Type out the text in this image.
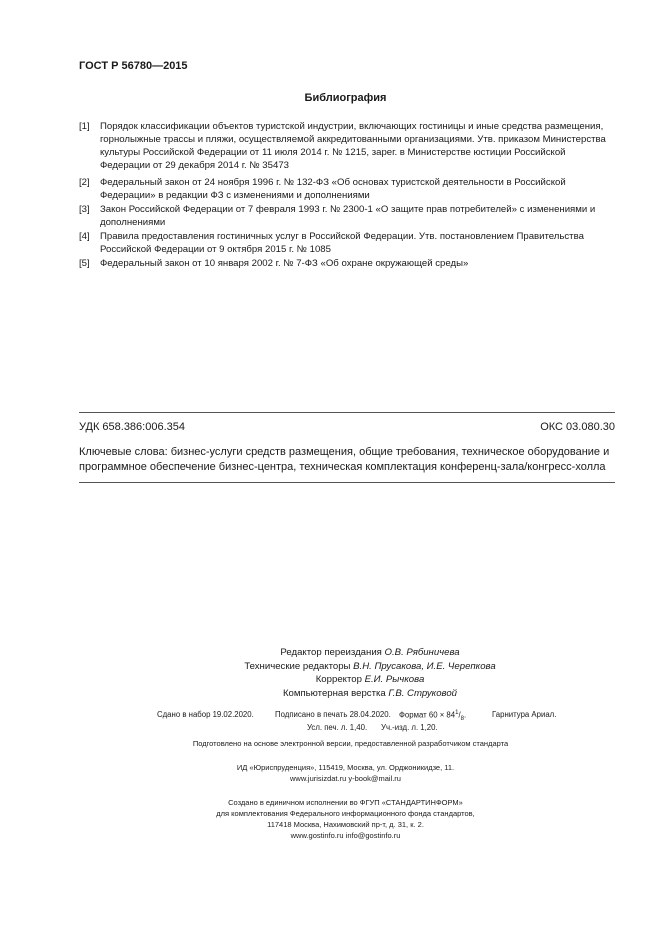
ГОСТ Р 56780—2015
Библиография
[1]	Порядок классификации объектов туристской индустрии, включающих гостиницы и иные средства размещения, горнолыжные трассы и пляжи, осуществляемой аккредитованными организациями. Утв. приказом Министерства культуры Российской Федерации от 11 июля 2014 г. № 1215, зарег. в Министерстве юстиции Российской Федерации от 29 декабря 2014 г. № 35473
[2]	Федеральный закон от 24 ноября 1996 г. № 132-ФЗ «Об основах туристской деятельности в Российской Федерации» в редакции ФЗ с изменениями и дополнениями
[3]	Закон Российской Федерации от 7 февраля 1993 г. № 2300-1 «О защите прав потребителей» с изменениями и дополнениями
[4]	Правила предоставления гостиничных услуг в Российской Федерации. Утв. постановлением Правительства Российской Федерации от 9 октября 2015 г. № 1085
[5]	Федеральный закон от 10 января 2002 г. № 7-ФЗ «Об охране окружающей среды»
УДК 658.386:006.354	ОКС 03.080.30
Ключевые слова: бизнес-услуги средств размещения, общие требования, техническое оборудование и программное обеспечение бизнес-центра, техническая комплектация конференц-зала/конгресс-холла
Редактор переиздания О.В. Рябиничева
Технические редакторы В.Н. Прусакова, И.Е. Черепкова
Корректор Е.И. Рычкова
Компьютерная верстка Г.В. Струковой
Сдано в набор 19.02.2020.	Подписано в печать 28.04.2020. Формат $60 \times 84^1/_8$.	Гарнитура Ариал.
Усл. печ. л. 1,40. Уч.-изд. л. 1,20.
Подготовлено на основе электронной версии, предоставленной разработчиком стандарта
ИД «Юриспруденция», 115419, Москва, ул. Орджоникидзе, 11.
www.jurisizdat.ru y-book@mail.ru
Создано в единичном исполнении во ФГУП «СТАНДАРТИНФОРМ»
для комплектования Федерального информационного фонда стандартов,
117418 Москва, Нахимовский пр-т, д. 31, к. 2.
www.gostinfo.ru info@gostinfo.ru
